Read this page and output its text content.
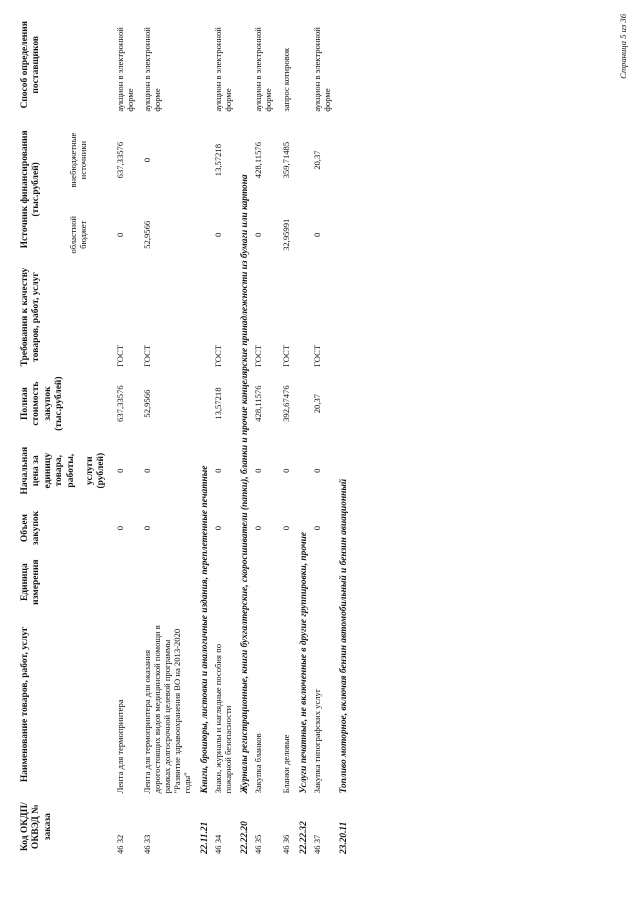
Код ОКДП/ ОКВЭД № заказа	Наименование товаров, работ, услуг	Единица измерения	Объем закупок	Начальная цена за единицу товара, работы, услуги (рублей)	Полная стоимость закупок (тыс.рублей)	Требования к качеству товаров, работ, услуг	Источник финансирования (тыс.рублей)		Способ определения поставщиков
							областной бюджет	внебюджетные источники	
46 32	Лента для термопринтера		0	0	637,33576	ГОСТ	0	637,33576	аукцион в электронной форме
46 33	Лента для термопринтера для оказания дорогостоящих видов медицинской помощи в рамках долгосрочной целевой программы "Развитие здравоохранения ВО на 2013-2020 годы"		0	0	52,9566	ГОСТ	52,9566	0	аукцион в электронной форме
22.11.21	Книги, брошюры, листовки и аналогичные издания, переплетенные печатные								
46 34	Знаки, журналы и наглядные пособия по пожарной безопасности		0	0	13,57218	ГОСТ	0	13,57218	аукцион в электронной форме
22.22.20	Журналы регистрационные, книги бухгалтерские, скоросшиватели (папки), бланки и прочие канцелярские принадлежности из бумаги или картона								
46 35	Закупка бланков		0	0	428,11576	ГОСТ	0	428,11576	аукцион в электронной форме
46 36	Бланки деловые		0	0	392,67476	ГОСТ	32,95991	359,71485	запрос котировок
22.22.32	Услуги печатные, не включенные в другие группировки, прочие								
46 37	Закупка типографских услуг		0	0	20,37	ГОСТ	0	20,37	аукцион в электронной форме
23.20.11	Топливо моторное, включая бензин автомобильный и бензин авиационный								
Страница 5 из 36
